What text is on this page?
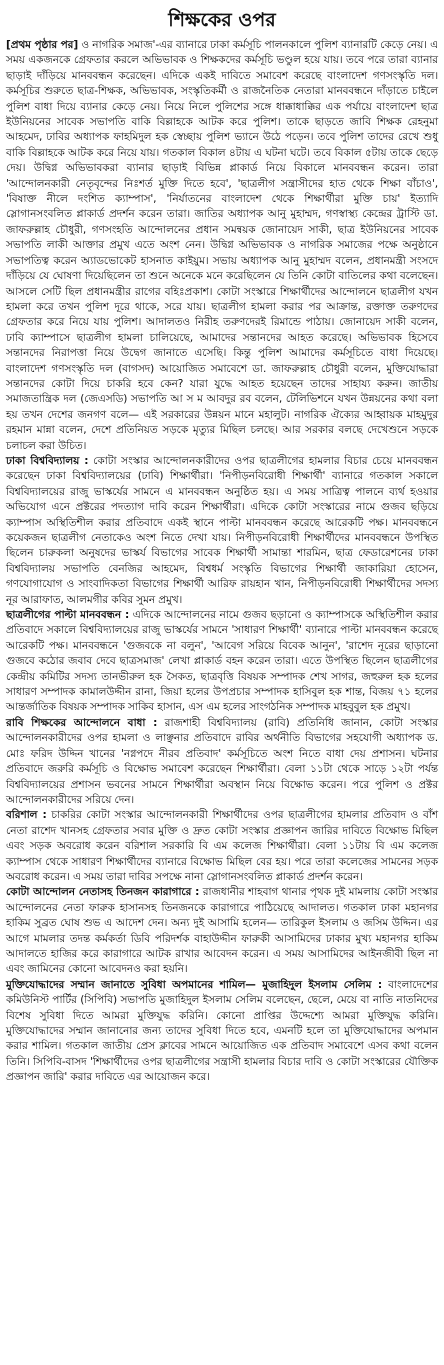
শিক্ষকের ওপর

[প্রথম পৃষ্ঠার পর] ও নাগরিক সমাজ'-এর ব্যানারে ঢাকা কর্মসূচি পালনকালে পুলিশ ব্যানারটি কেড়ে নেয়। এ সময় একজনকে গ্রেফতার করলে অভিভাবক ও শিক্ষকদের কর্মসূচি ভণ্ডুল হয়ে যায়। তবে পরে তারা ব্যানার ছাড়াই দাঁড়িয়ে মানববন্ধন করেছেন। এদিকে একই দাবিতে সমাবেশ করেছে বাংলাদেশ গণসংস্কৃতি দল। কর্মসূচির শুরুতে ছাত্র-শিক্ষক, অভিভাবক, সংস্কৃতিকর্মী ও রাজনৈতিক নেতারা মানববন্ধনে দাঁড়াতে চাইলে পুলিশ বাধা দিয়ে ব্যানার কেড়ে নেয়। নিয়ে নিলে পুলিশের সঙ্গে ধাক্কাধাক্কির এক পর্যায়ে বাংলাদেশ ছাত্র ইউনিয়নের সাবেক সভাপতি বাকি বিল্লাহকে আটক করে পুলিশ। তাকে ছাড়তে জাবি শিক্ষক রেহনুমা আহমেদ, ঢাবির অধ্যাপক ফাহমিদুল হক স্বেচ্ছায় পুলিশ ভ্যানে উঠে পড়েন। তবে পুলিশ তাদের রেখে শুধু বাকি বিল্লাহকে আটক করে নিয়ে যায়। গতকাল বিকাল ৪টায় এ ঘটনা ঘটে। তবে বিকাল ৫টায় তাকে ছেড়ে দেয়। উদ্বিগ্ন অভিভাবকরা ব্যানার ছাড়াই বিভিন্ন প্লাকার্ড নিয়ে বিকালে মানববন্ধন করেন। তারা 'আন্দোলনকারী নেতৃবৃন্দের নিঃশর্ত মুক্তি দিতে হবে', 'ছাত্রলীগ সন্ত্রাসীদের হাত থেকে শিক্ষা বাঁচাও', 'বিষাক্ত নীলে দংশিত ক্যাম্পাস', 'নির্যাতনের বাংলাদেশ থেকে শিক্ষার্থীরা মুক্তি চায়' ইত্যাদি স্লোগানসংবলিত প্লাকার্ড প্রদর্শন করেন তারা। জাতির অধ্যাপক আনু মুহাম্মদ, গণস্বাস্থ্য কেন্দ্রের ট্রাস্টি ডা. জাফরুল্লাহ চৌধুরী, গণসংহতি আন্দোলনের প্রধান সমন্বয়ক জোনায়েদ সাকী, ছাত্র ইউনিয়নের সাবেক সভাপতি লাকী আক্তার প্রমুখ এতে অংশ নেন। উদ্বিগ্ন অভিভাবক ও নাগরিক সমাজের পক্ষে অনুষ্ঠানে সভাপতিত্ব করেন অ্যাডভোকেট হাসনাত কাইয়ুম। সভায় অধ্যাপক আনু মুহাম্মদ বলেন, প্রধানমন্ত্রী সংসদে দাঁড়িয়ে যে ঘোষণা দিয়েছিলেন তা শুনে অনেকে মনে করেছিলেন যে তিনি কোটা বাতিলের কথা বলেছেন। আসলে সেটি ছিল প্রধানমন্ত্রীর রাগের বহিঃপ্রকাশ। কোটা সংস্কারে শিক্ষার্থীদের আন্দোলনে ছাত্রলীগ যখন হামলা করে তখন পুলিশ দূরে থাকে, সরে যায়। ছাত্রলীগ হামলা করার পর আক্রান্ত, রক্তাক্ত তরুণদের গ্রেফতার করে নিয়ে যায় পুলিশ। আদালতও নিরীহ তরুণদেরই রিমান্ডে পাঠায়। জোনায়েদ সাকী বলেন, ঢাবি ক্যাম্পাসে ছাত্রলীগ হামলা চালিয়েছে, আমাদের সন্তানদের আহত করেছে। অভিভাবক হিসেবে সন্তানদের নিরাপত্তা নিয়ে উদ্বেগ জানাতে এসেছি। কিন্তু পুলিশ আমাদের কর্মসূচিতে বাধা দিয়েছে। বাংলাদেশ গণসংস্কৃতি দল (বাগসদ) আয়োজিত সমাবেশে ডা. জাফরুল্লাহ চৌধুরী বলেন, মুক্তিযোদ্ধারা সন্তানদের কোটা দিয়ে চাকরি হবে কেন? যারা যুদ্ধে আহত হয়েছেন তাদের সাহায্য করুন। জাতীয় সমাজতান্ত্রিক দল (জেএসডি) সভাপতি আ স ম আবদুর রব বলেন, টেলিভিশনে যখন উন্নয়নের কথা বলা হয় তখন দেশের জনগণ বলে— এই সরকারের উন্নয়ন মানে মহালুট। নাগরিক ঐক্যের আহ্বায়ক মাহমুদুর রহমান মান্না বলেন, দেশে প্রতিনিয়ত সড়কে মৃত্যুর মিছিল চলছে। আর সরকার বলছে দেখেশুনে সড়কে চলাচল করা উচিত।

ঢাকা বিশ্ববিদ্যালয় : কোটা সংস্কার আন্দোলনকারীদের ওপর ছাত্রলীগের হামলার বিচার চেয়ে মানববন্ধন করেছেন ঢাকা বিশ্ববিদ্যালয়ের (ঢাবি) শিক্ষার্থীরা। 'নিপীড়নবিরোধী শিক্ষার্থী' ব্যানারে গতকাল সকালে বিশ্ববিদ্যালয়ের রাজু ভাস্কর্যের সামনে এ মানববন্ধন অনুষ্ঠিত হয়। এ সময় সাত্রিত্ব পালনে ব্যর্থ হওয়ার অভিযোগ এনে প্রক্টরের পদত্যাগ দাবি করেন শিক্ষার্থীরা। এদিকে কোটা সংস্কারের নামে গুজব ছড়িয়ে ক্যাম্পাস অস্থিতিশীল করার প্রতিবাদে একই স্থানে পাল্টা মানববন্ধন করেছে আরেকটি পক্ষ। মানববন্ধনে কয়েকজন ছাত্রলীগ নেতাকেও অংশ নিতে দেখা যায়। নিপীড়নবিরোধী শিক্ষার্থীদের মানববন্ধনে উপস্থিত ছিলেন চারুকলা অনুষদের ভাস্কর্য বিভাগের সাবেক শিক্ষার্থী সামান্তা শারমিন, ছাত্র ফেডারেশনের ঢাকা বিশ্ববিদ্যালয় সভাপতি বেনজির আহমেদ, বিশ্বধর্ম সংস্কৃতি বিভাগের শিক্ষার্থী জাকারিয়া হোসেন, গণযোগাযোগ ও সাংবাদিকতা বিভাগের শিক্ষার্থী আরিফ রায়হান খান, নিপীড়নবিরোধী শিক্ষার্থীদের সদস্য নূর আরাফাত, আলমগীর কবির সুমন প্রমুখ।

ছাত্রলীগের পাল্টা মানববন্ধন : এদিকে আন্দোলনের নামে গুজব ছড়ানো ও ক্যাম্পাসকে অস্থিতিশীল করার প্রতিবাদে সকালে বিশ্ববিদ্যালয়ের রাজু ভাস্কর্যের সামনে 'সাধারণ শিক্ষার্থী' ব্যানারে পাল্টা মানববন্ধন করেছে আরেকটি পক্ষ। মানববন্ধনে 'গুজবকে না বলুন', 'আবেগ সরিয়ে বিবেক আনুন', 'রাশেদ নূরের ছাড়ানো গুজবে কঠোর জবাব দেবে ছাত্রসমাজ' লেখা প্লাকার্ড বহন করেন তারা। এতে উপস্থিত ছিলেন ছাত্রলীগের কেন্দ্রীয় কমিটির সদস্য তানভীরুল হক সৈকত, ছাত্রবৃত্তি বিষয়ক সম্পাদক শেখ সাগর, জহুরুল হক হলের সাধারণ সম্পাদক কামালউদ্দীন রানা, জিয়া হলের উপপ্রচার সম্পাদক হাসিবুল হক শান্ত, বিজয় ৭১ হলের আন্তর্জাতিক বিষয়ক সম্পাদক সাকিব হাসান, এস এম হলের সাংগঠনিক সম্পাদক মাহবুবুল হক প্রমুখ।

রাবি শিক্ষকের আন্দোলনে বাধা : রাজশাহী বিশ্ববিদ্যালয় (রাবি) প্রতিনিধি জানান, কোটা সংস্কার আন্দোলনকারীদের ওপর হামলা ও লাঞ্ছনার প্রতিবাদে রাবির অর্থনীতি বিভাগের সহযোগী অধ্যাপক ড. মোঃ ফরিদ উদ্দিন খানের 'নগ্নপদে নীরব প্রতিবাদ' কর্মসূচিতে অংশ নিতে বাধা দেয় প্রশাসন। ঘটনার প্রতিবাদে জরুরি কর্মসূচি ও বিক্ষোভ সমাবেশ করেছেন শিক্ষার্থীরা। বেলা ১১টা থেকে সাড়ে ১২টা পর্যন্ত বিশ্ববিদ্যালয়ের প্রশাসন ভবনের সামনে শিক্ষার্থীরা অবস্থান নিয়ে বিক্ষোভ করেন। পরে পুলিশ ও প্রক্টর আন্দোলনকারীদের সরিয়ে দেন।

বরিশাল : চাকরির কোটা সংস্কার আন্দোলনকারী শিক্ষার্থীদের ওপর ছাত্রলীগের হামলার প্রতিবাদ ও বাঁশ নেতা রাশেদ খানসহ গ্রেফতার সবার মুক্তি ও দ্রুত কোটা সংস্কার প্রজ্ঞাপন জারির দাবিতে বিক্ষোভ মিছিল এবং সড়ক অবরোধ করেন বরিশাল সরকারি বি এম কলেজ শিক্ষার্থীরা। বেলা ১১টায় বি এম কলেজ ক্যাম্পাস থেকে সাধারণ শিক্ষার্থীদের ব্যানারে বিক্ষোভ মিছিল বের হয়। পরে তারা কলেজের সামনের সড়ক অবরোধ করেন। এ সময় তারা দাবির সপক্ষে নানা স্লোগানসংবলিত প্লাকার্ড প্রদর্শন করেন।

কোটা আন্দোলন নেতাসহ তিনজন কারাগারে : রাজধানীর শাহবাগ থানার পৃথক দুই মামলায় কোটা সংস্কার আন্দোলনের নেতা ফারুক হাসানসহ তিনজনকে কারাগারে পাঠিয়েছে আদালত। গতকাল ঢাকা মহানগর হাকিম সুব্রত ঘোষ শুভ এ আদেশ দেন। অন্য দুই আসামি হলেন— তারিকুল ইসলাম ও জসিম উদ্দিন। এর আগে মামলার তদন্ত কর্মকর্তা ডিবি পরিদর্শক বাহাউদ্দীন ফারুকী আসামিদের ঢাকার মুখ্য মহানগর হাকিম আদালতে হাজির করে কারাগারে আটক রাখার আবেদন করেন। এ সময় আসামিদের আইনজীবী ছিল না এবং জামিনের কোনো আবেদনও করা হয়নি।

মুক্তিযোদ্ধাদের সম্মান জানাতে সুবিধা অপমানের শামিল— মুজাহিদুল ইসলাম সেলিম : বাংলাদেশের কমিউনিস্ট পার্টির (সিপিবি) সভাপতি মুজাহিদুল ইসলাম সেলিম বলেছেন, ছেলে, মেয়ে বা নাতি নাতনিদের বিশেষ সুবিধা দিতে আমরা মুক্তিযুদ্ধ করিনি। কোনো প্রাপ্তির উদ্দেশ্যে আমরা মুক্তিযুদ্ধ করিনি। মুক্তিযোদ্ধাদের সম্মান জানানোর জন্য তাদের সুবিধা দিতে হবে, এমনটি হলে তা মুক্তিযোদ্ধাদের অপমান করার শামিল। গতকাল জাতীয় প্রেস ক্লাবের সামনে আয়োজিত এক প্রতিবাদ সমাবেশে এসব কথা বলেন তিনি। সিপিবি-বাসদ 'শিক্ষার্থীদের ওপর ছাত্রলীগের সন্ত্রাসী হামলার বিচার দাবি ও কোটা সংস্কারের যৌক্তিক প্রজ্ঞাপন জারি' করার দাবিতে এর আয়োজন করে।
